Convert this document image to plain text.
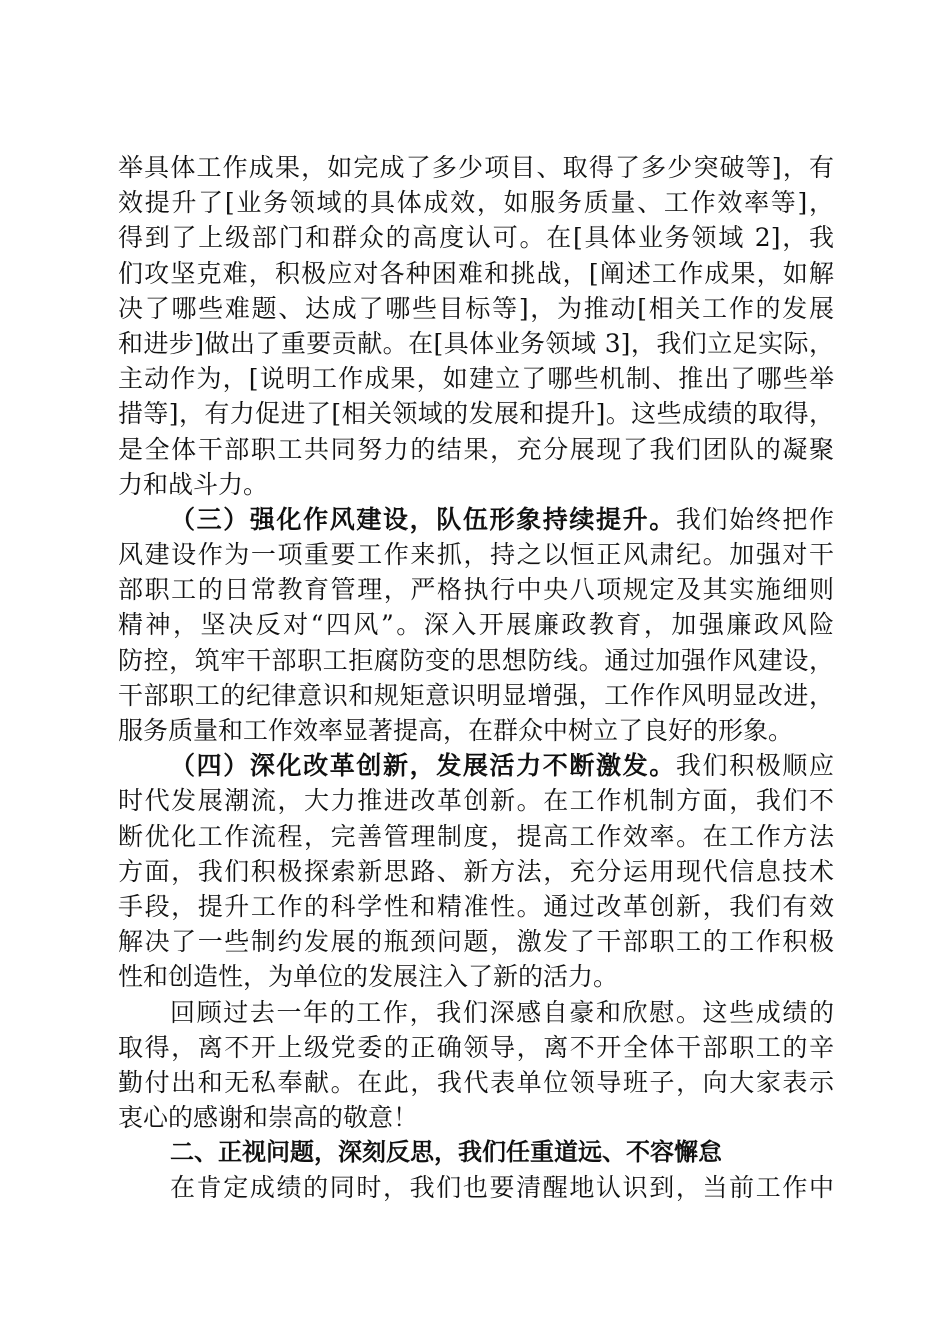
举具体工作成果，如完成了多少项目、取得了多少突破等]，有
效提升了[业务领域的具体成效，如服务质量、工作效率等]，
得到了上级部门和群众的高度认可。在[具体业务领域 2]，我
们攻坚克难，积极应对各种困难和挑战，[阐述工作成果，如解
决了哪些难题、达成了哪些目标等]，为推动[相关工作的发展
和进步]做出了重要贡献。在[具体业务领域 3]，我们立足实际，
主动作为，[说明工作成果，如建立了哪些机制、推出了哪些举
措等]，有力促进了[相关领域的发展和提升]。这些成绩的取得，
是全体干部职工共同努力的结果，充分展现了我们团队的凝聚
力和战斗力。
（三）强化作风建设，队伍形象持续提升。我们始终把作
风建设作为一项重要工作来抓，持之以恒正风肃纪。加强对干
部职工的日常教育管理，严格执行中央八项规定及其实施细则
精神，坚决反对“四风”。深入开展廉政教育，加强廉政风险
防控，筑牢干部职工拒腐防变的思想防线。通过加强作风建设，
干部职工的纪律意识和规矩意识明显增强，工作作风明显改进，
服务质量和工作效率显著提高，在群众中树立了良好的形象。
（四）深化改革创新，发展活力不断激发。我们积极顺应
时代发展潮流，大力推进改革创新。在工作机制方面，我们不
断优化工作流程，完善管理制度，提高工作效率。在工作方法
方面，我们积极探索新思路、新方法，充分运用现代信息技术
手段，提升工作的科学性和精准性。通过改革创新，我们有效
解决了一些制约发展的瓶颈问题，激发了干部职工的工作积极
性和创造性，为单位的发展注入了新的活力。
回顾过去一年的工作，我们深感自豪和欣慰。这些成绩的
取得，离不开上级党委的正确领导，离不开全体干部职工的辛
勤付出和无私奉献。在此，我代表单位领导班子，向大家表示
衷心的感谢和崇高的敬意！
二、正视问题，深刻反思，我们任重道远、不容懈怠
在肯定成绩的同时，我们也要清醒地认识到，当前工作中
